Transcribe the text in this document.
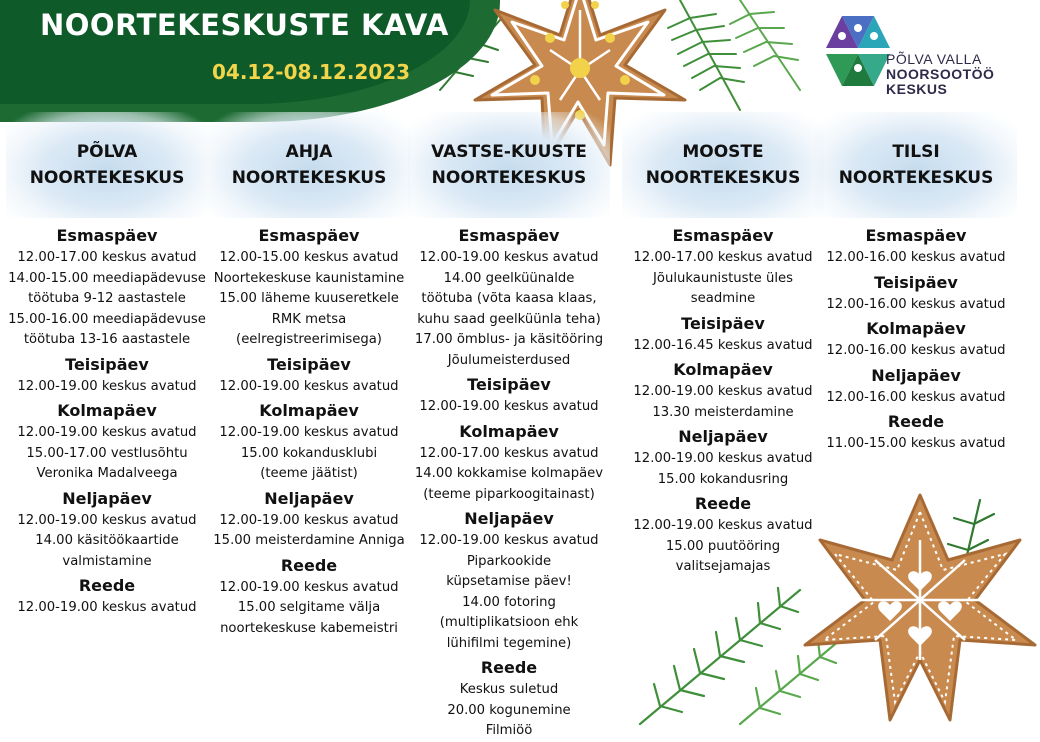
NOORTEKESKUSTE KAVA
04.12-08.12.2023
PÕLVA VALLA
NOORSOOTÖÖ
KESKUS
PÕLVA
NOORTEKESKUS
Esmaspäev
12.00-17.00 keskus avatud
14.00-15.00 meediapädevuse
töötuba 9-12 aastastele
15.00-16.00 meediapädevuse
töötuba 13-16 aastastele
Teisipäev
12.00-19.00 keskus avatud
Kolmapäev
12.00-19.00 keskus avatud
15.00-17.00 vestlusõhtu
Veronika Madalveega
Neljapäev
12.00-19.00 keskus avatud
14.00 käsitöökaartide
valmistamine
Reede
12.00-19.00 keskus avatud
AHJA
NOORTEKESKUS
Esmaspäev
12.00-15.00 keskus avatud
Noortekeskuse kaunistamine
15.00 läheme kuuseretkele
RMK metsa
(eelregistreerimisega)
Teisipäev
12.00-19.00 keskus avatud
Kolmapäev
12.00-19.00 keskus avatud
15.00 kokandusklubi
(teeme jäätist)
Neljapäev
12.00-19.00 keskus avatud
15.00 meisterdamine Anniga
Reede
12.00-19.00 keskus avatud
15.00 selgitame välja
noortekeskuse kabemeistri
VASTSE-KUUSTE
NOORTEKESKUS
Esmaspäev
12.00-19.00 keskus avatud
14.00 geelküünalde
töötuba (võta kaasa klaas,
kuhu saad geelküünla teha)
17.00 õmblus- ja käsitööring
Jõulumeisterdused
Teisipäev
12.00-19.00 keskus avatud
Kolmapäev
12.00-17.00 keskus avatud
14.00 kokkamise kolmapäev
(teeme piparkoogitainast)
Neljapäev
12.00-19.00 keskus avatud
Piparkookide
küpsetamise päev!
14.00 fotoring
(multiplikatsioon ehk
lühifilmi tegemine)
Reede
Keskus suletud
20.00 kogunemine
Filmiöö
MOOSTE
NOORTEKESKUS
Esmaspäev
12.00-17.00 keskus avatud
Jõulukaunistuste üles
seadmine
Teisipäev
12.00-16.45 keskus avatud
Kolmapäev
12.00-19.00 keskus avatud
13.30 meisterdamine
Neljapäev
12.00-19.00 keskus avatud
15.00 kokandusring
Reede
12.00-19.00 keskus avatud
15.00 puutööring
valitsejamajas
TILSI
NOORTEKESKUS
Esmaspäev
12.00-16.00 keskus avatud
Teisipäev
12.00-16.00 keskus avatud
Kolmapäev
12.00-16.00 keskus avatud
Neljapäev
12.00-16.00 keskus avatud
Reede
11.00-15.00 keskus avatud
